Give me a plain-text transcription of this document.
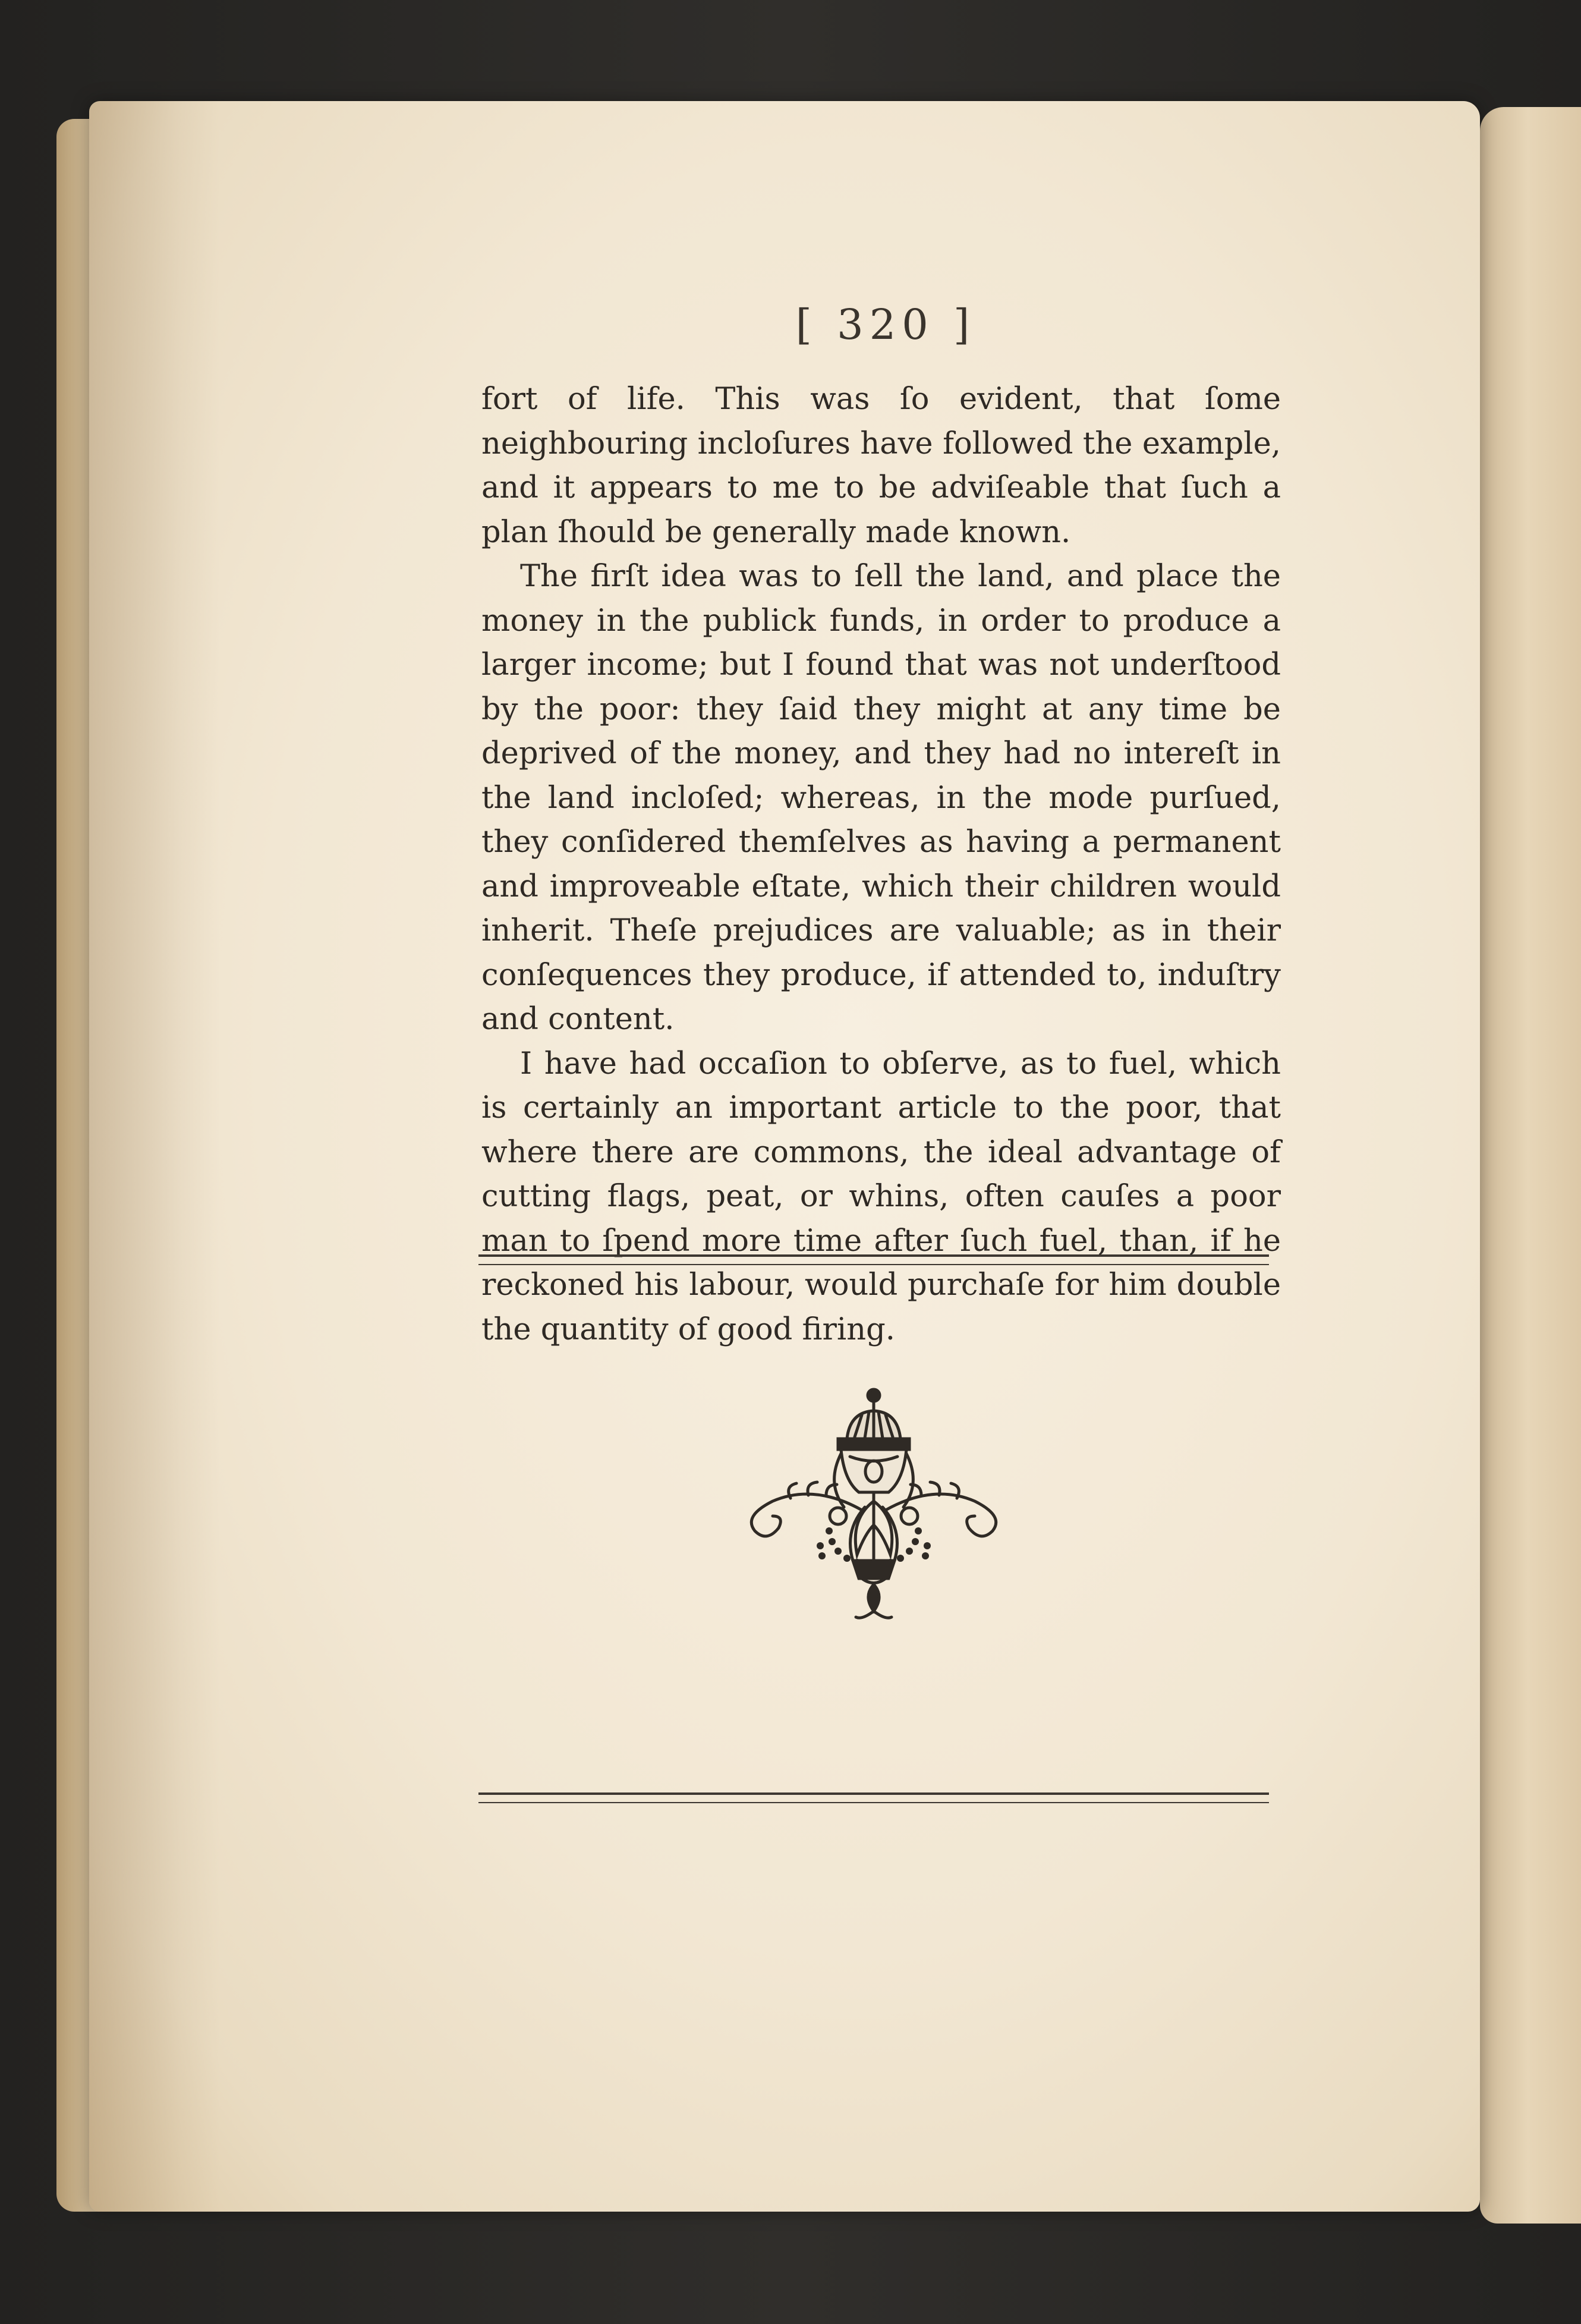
[ 320 ]

fort of life. This was ſo evident, that ſome neighbouring incloſures have followed the example, and it appears to me to be adviſeable that ſuch a plan ſhould be generally made known.

The firſt idea was to ſell the land, and place the money in the publick funds, in order to produce a larger income; but I found that was not underſtood by the poor: they ſaid they might at any time be deprived of the money, and they had no intereſt in the land incloſed; whereas, in the mode purſued, they conſidered themſelves as having a permanent and improveable eſtate, which their children would inherit. Theſe prejudices are valuable; as in their conſequences they produce, if attended to, induſtry and content.

I have had occaſion to obſerve, as to fuel, which is certainly an important article to the poor, that where there are commons, the ideal advantage of cutting flags, peat, or whins, often cauſes a poor man to ſpend more time after ſuch fuel, than, if he reckoned his labour, would purchaſe for him double the quantity of good firing.
